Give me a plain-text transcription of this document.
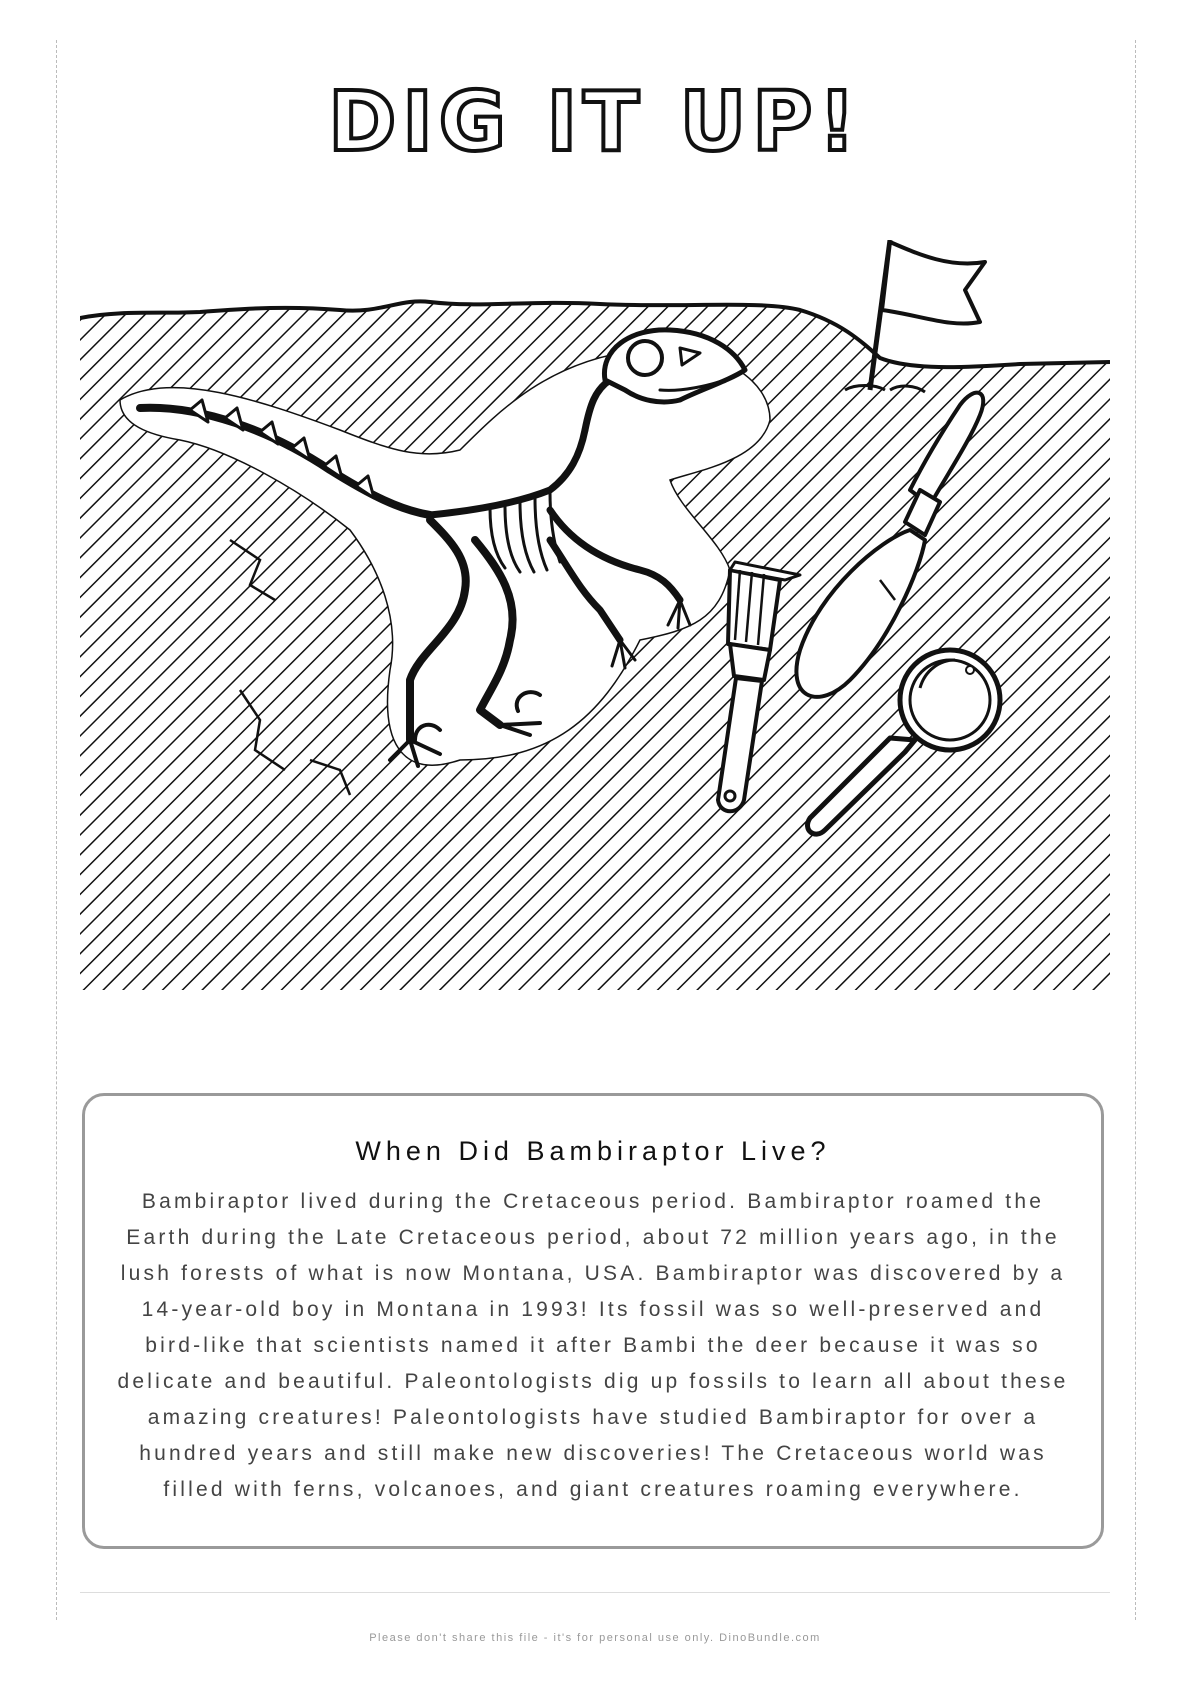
DIG IT UP!
When Did Bambiraptor Live?
Bambiraptor lived during the Cretaceous period. Bambiraptor roamed the Earth during the Late Cretaceous period, about 72 million years ago, in the lush forests of what is now Montana, USA. Bambiraptor was discovered by a 14-year-old boy in Montana in 1993! Its fossil was so well-preserved and bird-like that scientists named it after Bambi the deer because it was so delicate and beautiful. Paleontologists dig up fossils to learn all about these amazing creatures! Paleontologists have studied Bambiraptor for over a hundred years and still make new discoveries! The Cretaceous world was filled with ferns, volcanoes, and giant creatures roaming everywhere.
Please don't share this file - it's for personal use only. DinoBundle.com
